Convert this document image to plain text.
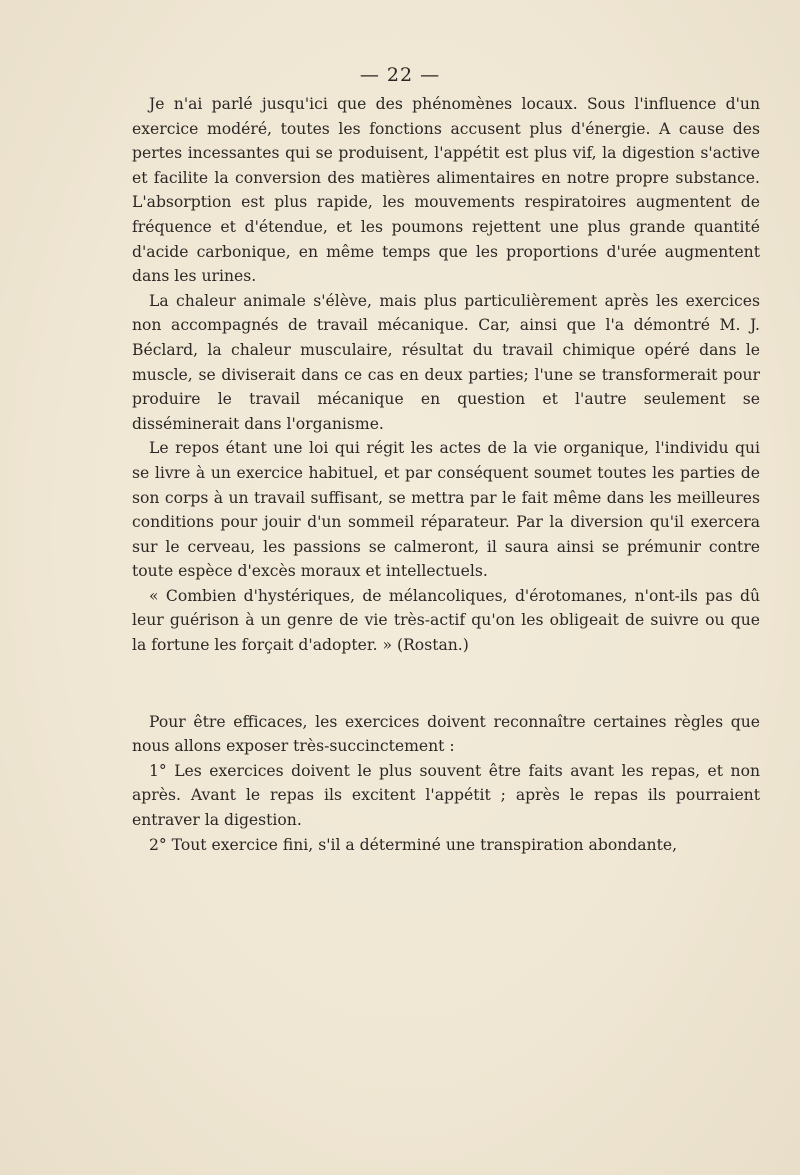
— 22 —

Je n'ai parlé jusqu'ici que des phénomènes locaux. Sous l'influence d'un exercice modéré, toutes les fonctions accusent plus d'énergie. A cause des pertes incessantes qui se produisent, l'appétit est plus vif, la digestion s'active et facilite la conversion des matières alimentaires en notre propre substance. L'absorption est plus rapide, les mouvements respiratoires augmentent de fréquence et d'étendue, et les poumons rejettent une plus grande quantité d'acide carbonique, en même temps que les proportions d'urée augmentent dans les urines.

La chaleur animale s'élève, mais plus particulièrement après les exercices non accompagnés de travail mécanique. Car, ainsi que l'a démontré M. J. Béclard, la chaleur musculaire, résultat du travail chimique opéré dans le muscle, se diviserait dans ce cas en deux parties; l'une se transformerait pour produire le travail mécanique en question et l'autre seulement se disséminerait dans l'organisme.

Le repos étant une loi qui régit les actes de la vie organique, l'individu qui se livre à un exercice habituel, et par conséquent soumet toutes les parties de son corps à un travail suffisant, se mettra par le fait même dans les meilleures conditions pour jouir d'un sommeil réparateur. Par la diversion qu'il exercera sur le cerveau, les passions se calmeront, il saura ainsi se prémunir contre toute espèce d'excès moraux et intellectuels.

« Combien d'hystériques, de mélancoliques, d'érotomanes, n'ont-ils pas dû leur guérison à un genre de vie très-actif qu'on les obligeait de suivre ou que la fortune les forçait d'adopter. » (Rostan.)

Pour être efficaces, les exercices doivent reconnaître certaines règles que nous allons exposer très-succinctement :

1° Les exercices doivent le plus souvent être faits avant les repas, et non après. Avant le repas ils excitent l'appétit ; après le repas ils pourraient entraver la digestion.

2° Tout exercice fini, s'il a déterminé une transpiration abondante,
